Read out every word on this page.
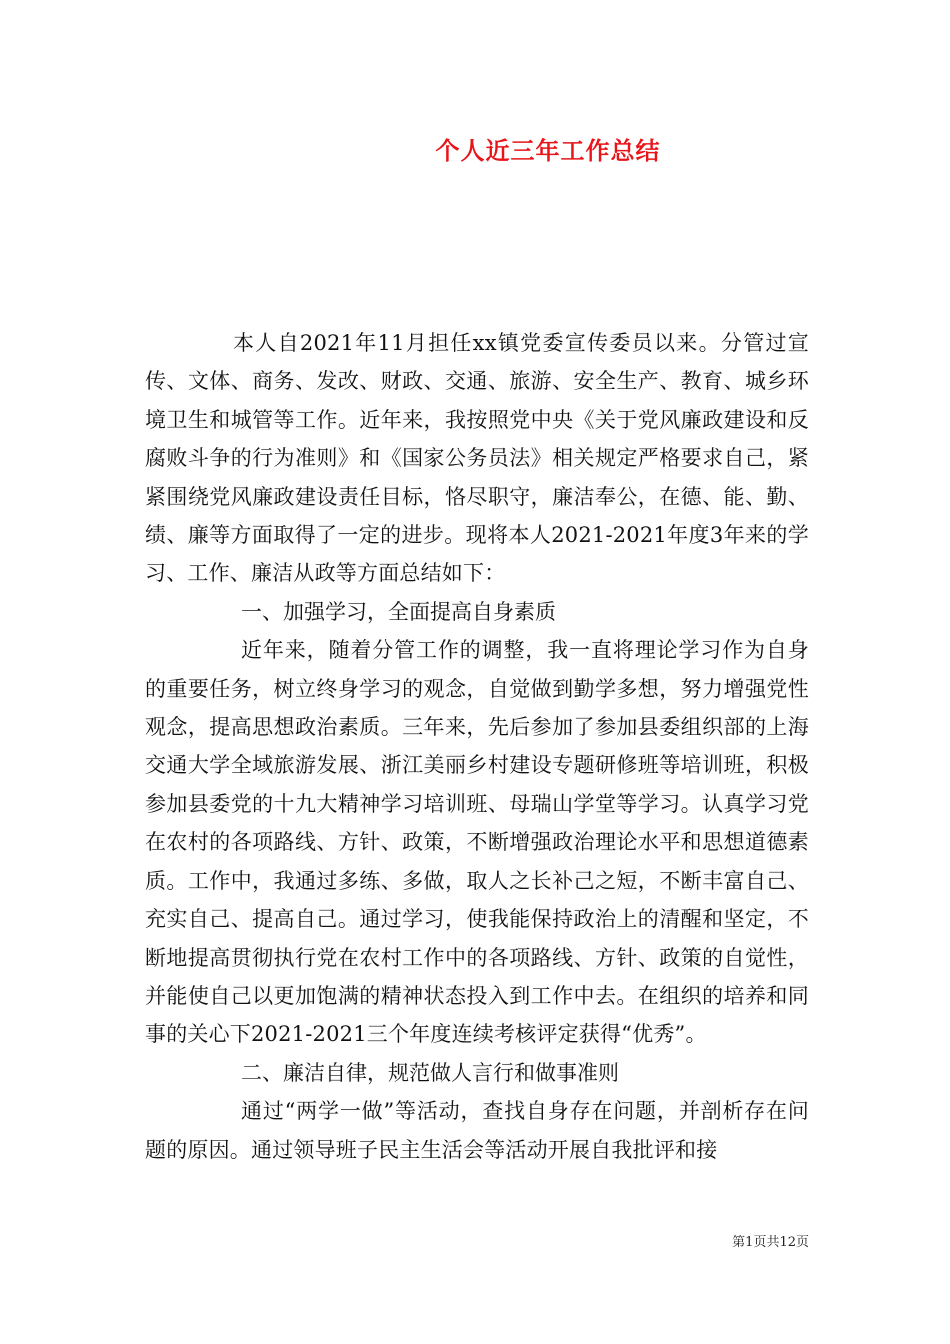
个人近三年工作总结

本人自2021年11月担任xx镇党委宣传委员以来。分管过宣传、文体、商务、发改、财政、交通、旅游、安全生产、教育、城乡环境卫生和城管等工作。近年来，我按照党中央《关于党风廉政建设和反腐败斗争的行为准则》和《国家公务员法》相关规定严格要求自己，紧紧围绕党风廉政建设责任目标，恪尽职守，廉洁奉公，在德、能、勤、绩、廉等方面取得了一定的进步。现将本人2021-2021年度3年来的学习、工作、廉洁从政等方面总结如下：

一、加强学习，全面提高自身素质

近年来，随着分管工作的调整，我一直将理论学习作为自身的重要任务，树立终身学习的观念，自觉做到勤学多想，努力增强党性观念，提高思想政治素质。三年来，先后参加了参加县委组织部的上海交通大学全域旅游发展、浙江美丽乡村建设专题研修班等培训班，积极参加县委党的十九大精神学习培训班、母瑞山学堂等学习。认真学习党在农村的各项路线、方针、政策，不断增强政治理论水平和思想道德素质。工作中，我通过多练、多做，取人之长补己之短，不断丰富自己、充实自己、提高自己。通过学习，使我能保持政治上的清醒和坚定，不断地提高贯彻执行党在农村工作中的各项路线、方针、政策的自觉性，并能使自己以更加饱满的精神状态投入到工作中去。在组织的培养和同事的关心下2021-2021三个年度连续考核评定获得“优秀”。

二、廉洁自律，规范做人言行和做事准则

通过“两学一做”等活动，查找自身存在问题，并剖析存在问题的原因。通过领导班子民主生活会等活动开展自我批评和接

第1页共12页
